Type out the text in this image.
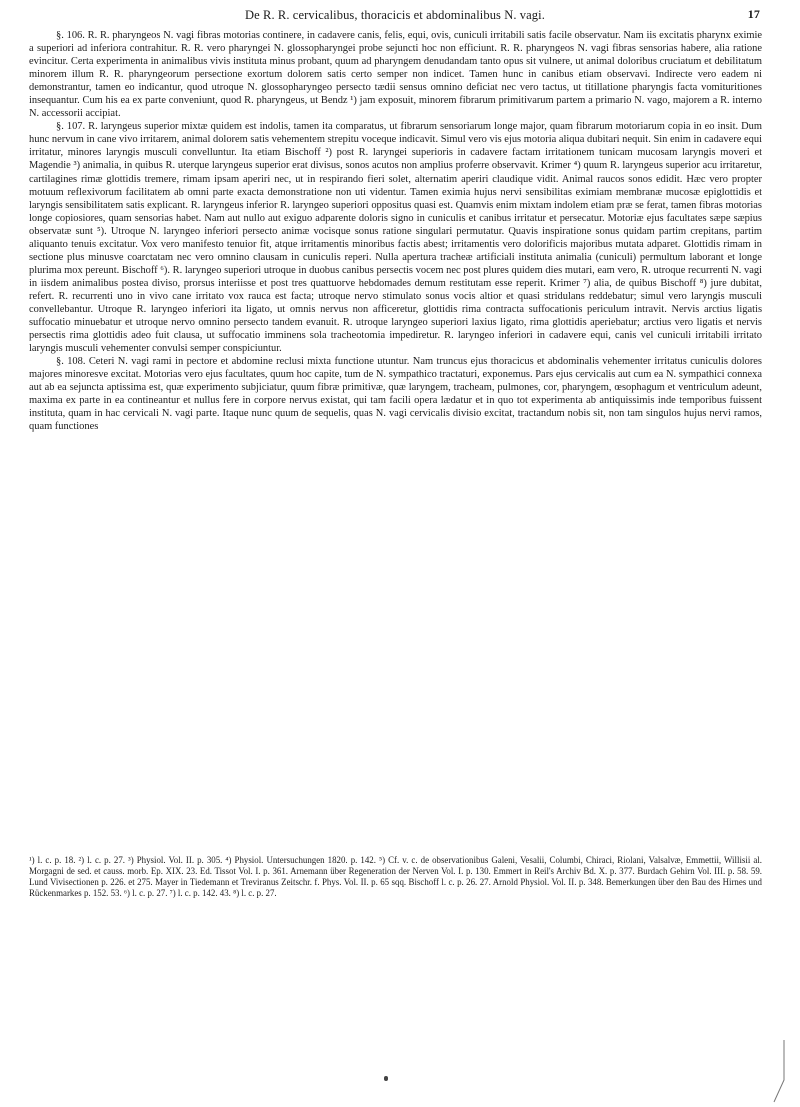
De R. R. cervicalibus, thoracicis et abdominalibus N. vagi.	17

§. 106. R. R. pharyngeos N. vagi fibras motorias continere, in cadavere canis, felis, equi, ovis, cuniculi irritabili satis facile observatur. Nam iis excitatis pharynx eximie a superiori ad inferiora contrahitur. R. R. vero pharyngei N. glossopharyngei probe sejuncti hoc non efficiunt. R. R. pharyngeos N. vagi fibras sensorias habere, alia ratione evincitur. Certa experimenta in animalibus vivis instituta minus probant, quum ad pharyngem denudandam tanto opus sit vulnere, ut animal doloribus cruciatum et debilitatum minorem illum R. R. pharyngeorum persectione exortum dolorem satis certo semper non indicet. Tamen hunc in canibus etiam observavi. Indirecte vero eadem ni demonstrantur, tamen eo indicantur, quod utroque N. glossopharyngeo persecto tædii sensus omnino deficiat nec vero tactus, ut titillatione pharyngis facta vomituritiones insequantur. Cum his ea ex parte conveniunt, quod R. pharyngeus, ut Bendz ¹) jam exposuit, minorem fibrarum primitivarum partem a primario N. vago, majorem a R. interno N. accessorii accipiat.

§. 107. R. laryngeus superior mixtæ quidem est indolis, tamen ita comparatus, ut fibrarum sensoriarum longe major, quam fibrarum motoriarum copia in eo insit. Dum hunc nervum in cane vivo irritarem, animal dolorem satis vehementem strepitu voceque indicavit. Simul vero vis ejus motoria aliqua dubitari nequit. Sin enim in cadavere equi irritatur, minores laryngis musculi convelluntur. Ita etiam Bischoff ²) post R. laryngei superioris in cadavere factam irritationem tunicam mucosam laryngis moveri et Magendie ³) animalia, in quibus R. uterque laryngeus superior erat divisus, sonos acutos non amplius proferre observavit. Krimer ⁴) quum R. laryngeus superior acu irritaretur, cartilagines rimæ glottidis tremere, rimam ipsam aperiri nec, ut in respirando fieri solet, alternatim aperiri claudique vidit. Animal raucos sonos edidit. Hæc vero propter motuum reflexivorum facilitatem ab omni parte exacta demonstratione non uti videntur. Tamen eximia hujus nervi sensibilitas eximiam membranæ mucosæ epiglottidis et laryngis sensibilitatem satis explicant. R. laryngeus inferior R. laryngeo superiori oppositus quasi est. Quamvis enim mixtam indolem etiam præ se ferat, tamen fibras motorias longe copiosiores, quam sensorias habet. Nam aut nullo aut exiguo adparente doloris signo in cuniculis et canibus irritatur et persecatur. Motoriæ ejus facultates sæpe sæpius observatæ sunt ⁵). Utroque N. laryngeo inferiori persecto animæ vocisque sonus ratione singulari permutatur. Quavis inspiratione sonus quidam partim crepitans, partim aliquanto tenuis excitatur. Vox vero manifesto tenuior fit, atque irritamentis minoribus factis abest; irritamentis vero dolorificis majoribus mutata adparet. Glottidis rimam in sectione plus minusve coarctatam nec vero omnino clausam in cuniculis reperi. Nulla apertura tracheæ artificiali instituta animalia (cuniculi) permultum laborant et longe plurima mox pereunt. Bischoff ⁶). R. laryngeo superiori utroque in duobus canibus persectis vocem nec post plures quidem dies mutari, eam vero, R. utroque recurrenti N. vagi in iisdem animalibus postea diviso, prorsus interiisse et post tres quattuorve hebdomades demum restitutam esse reperit. Krimer ⁷) alia, de quibus Bischoff ⁸) jure dubitat, refert. R. recurrenti uno in vivo cane irritato vox rauca est facta; utroque nervo stimulato sonus vocis altior et quasi stridulans reddebatur; simul vero laryngis musculi convellebantur. Utroque R. laryngeo inferiori ita ligato, ut omnis nervus non afficeretur, glottidis rima contracta suffocationis periculum intravit. Nervis arctius ligatis suffocatio minuebatur et utroque nervo omnino persecto tandem evanuit. R. utroque laryngeo superiori laxius ligato, rima glottidis aperiebatur; arctius vero ligatis et nervis persectis rima glottidis adeo fuit clausa, ut suffocatio imminens sola tracheotomia impediretur. R. laryngeo inferiori in cadavere equi, canis vel cuniculi irritabili irritato laryngis musculi vehementer convulsi semper conspiciuntur.

§. 108. Ceteri N. vagi rami in pectore et abdomine reclusi mixta functione utuntur. Nam truncus ejus thoracicus et abdominalis vehementer irritatus cuniculis dolores majores minoresve excitat. Motorias vero ejus facultates, quum hoc capite, tum de N. sympathico tractaturi, exponemus. Pars ejus cervicalis aut cum ea N. sympathici connexa aut ab ea sejuncta aptissima est, quæ experimento subjiciatur, quum fibræ primitivæ, quæ laryngem, tracheam, pulmones, cor, pharyngem, œsophagum et ventriculum adeunt, maxima ex parte in ea contineantur et nullus fere in corpore nervus existat, qui tam facili opera lædatur et in quo tot experimenta ab antiquissimis inde temporibus fuissent instituta, quam in hac cervicali N. vagi parte. Itaque nunc quum de sequelis, quas N. vagi cervicalis divisio excitat, tractandum nobis sit, non tam singulos hujus nervi ramos, quam functiones

¹) l. c. p. 18. ²) l. c. p. 27. ³) Physiol. Vol. II. p. 305. ⁴) Physiol. Untersuchungen 1820. p. 142. ⁵) Cf. v. c. de observationibus Galeni, Vesalii, Columbi, Chiraci, Riolani, Valsalvæ, Emmettii, Willisii al. Morgagni de sed. et causs. morb. Ep. XIX. 23. Ed. Tissot Vol. I. p. 361. Arnemann über Regeneration der Nerven Vol. I. p. 130. Emmert in Reil's Archiv Bd. X. p. 377. Burdach Gehirn Vol. III. p. 58. 59. Lund Vivisectionen p. 226. et 275. Mayer in Tiedemann et Treviranus Zeitschr. f. Phys. Vol. II. p. 65 sqq. Bischoff l. c. p. 26. 27. Arnold Physiol. Vol. II. p. 348. Bemerkungen über den Bau des Hirnes und Rückenmarkes p. 152. 53. ⁶) l. c. p. 27. ⁷) l. c. p. 142. 43. ⁸) l. c. p. 27.
